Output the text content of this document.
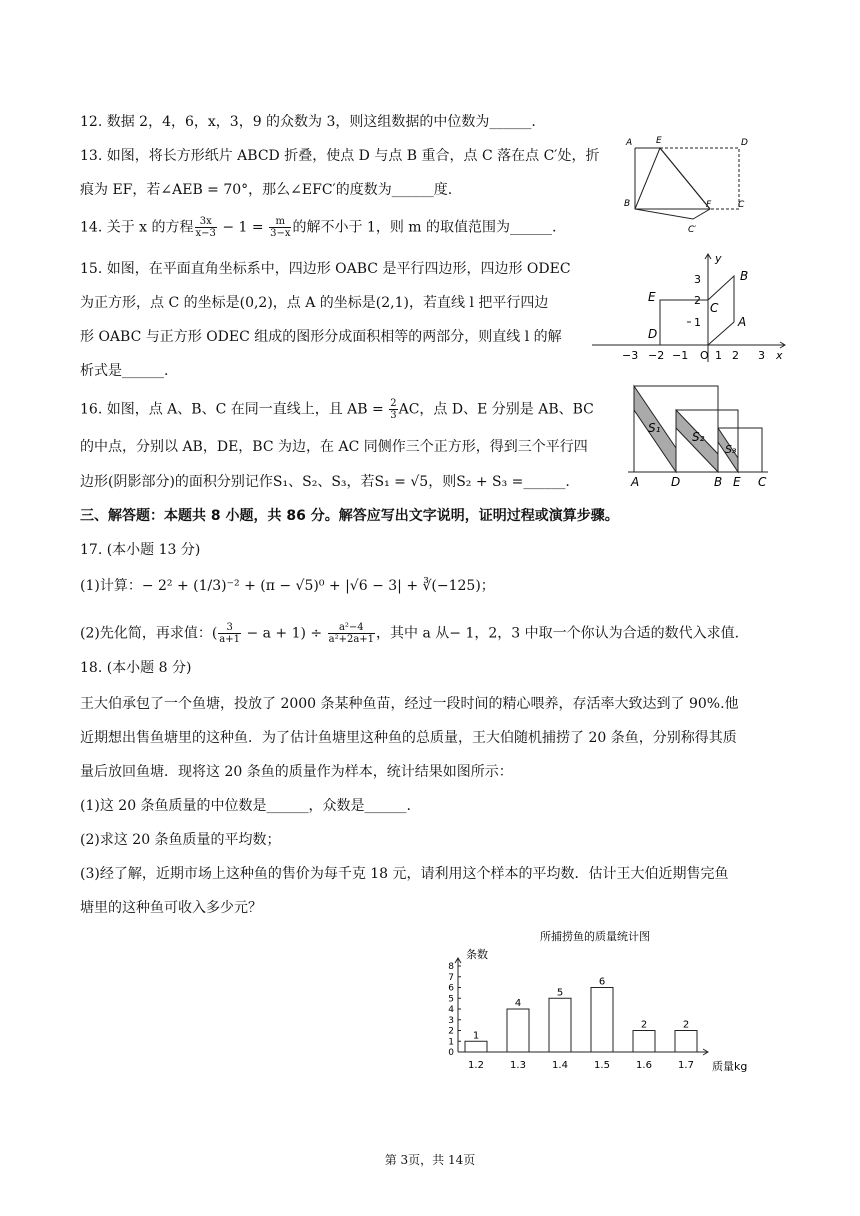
12. 数据 2，4，6，x，3，9 的众数为 3，则这组数据的中位数为______.
13. 如图，将长方形纸片 ABCD 折叠，使点 D 与点 B 重合，点 C 落在点 C′处，折
痕为 EF，若∠AEB = 70°，那么∠EFC′的度数为______度.
14. 关于 x 的方程 $\frac{3x}{x-3} - 1 = \frac{m}{3-x}$ 的解不小于 1，则 m 的取值范围为______.
15. 如图，在平面直角坐标系中，四边形 OABC 是平行四边形，四边形 ODEC
为正方形，点 C 的坐标是(0,2)，点 A 的坐标是(2,1)，若直线 l 把平行四边
形 OABC 与正方形 ODEC 组成的图形分成面积相等的两部分，则直线 l 的解
析式是______.
16. 如图，点 A、B、C 在同一直线上，且 AB = $\frac{2}{3}$ AC，点 D、E 分别是 AB、BC
的中点，分别以 AB，DE，BC 为边，在 AC 同侧作三个正方形，得到三个平行四
边形(阴影部分)的面积分别记作S₁、S₂、S₃，若S₁ = √5，则S₂ + S₃ =______.
三、解答题：本题共 8 小题，共 86 分。解答应写出文字说明，证明过程或演算步骤。
17. (本小题 13 分)
(1)计算：− 2² + (1/3)⁻² + (π − √5)⁰ + |√6 − 3| + ∛(−125)；
(2)先化简，再求值：( $\frac{3}{a+1} - a + 1) \div \frac{\text{a²−4}}{\text{a²+2a+1}}$ ，其中 a 从− 1，2，3 中取一个你认为合适的数代入求值.
18. (本小题 8 分)
王大伯承包了一个鱼塘，投放了 2000 条某种鱼苗，经过一段时间的精心喂养，存活率大致达到了 90%.他
近期想出售鱼塘里的这种鱼．为了估计鱼塘里这种鱼的总质量，王大伯随机捕捞了 20 条鱼，分别称得其质
量后放回鱼塘．现将这 20 条鱼的质量作为样本，统计结果如图所示：
(1)这 20 条鱼质量的中位数是______，众数是______.
(2)求这 20 条鱼质量的平均数；
(3)经了解，近期市场上这种鱼的售价为每千克 18 元，请利用这个样本的平均数．估计王大伯近期售完鱼
塘里的这种鱼可收入多少元？
A	E	D
B	F	C
C′
y
x
B
E
C
A
D
O
3
2
1
−3 −2 −1 1 2 3
S₁
S₂
S₃
A	D	B E C
所捕捞鱼的质量统计图
条数
质量kg
0
1
2
3
4
5
6
7
8
1
1.2
4
1.3
5
1.4
6
1.5
2
1.6
2
1.7
第 3页，共 14页
